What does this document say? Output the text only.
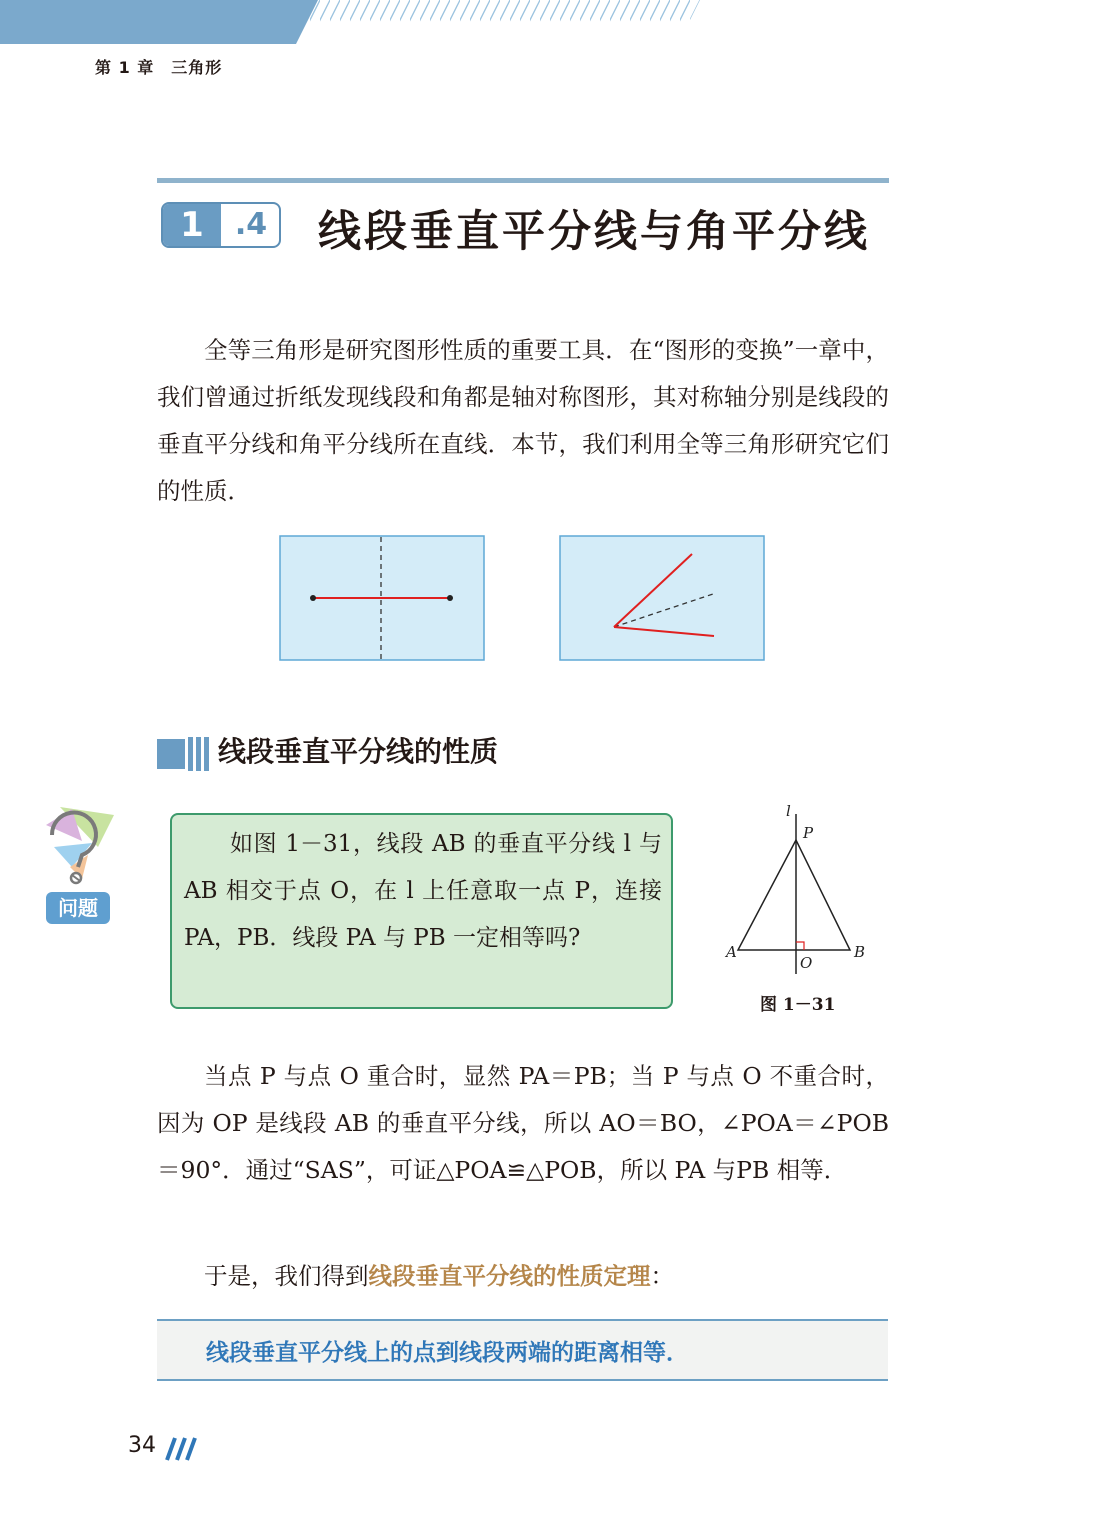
第 1 章　三角形
1	.4 线段垂直平分线与角平分线

全等三角形是研究图形性质的重要工具．在“图形的变换”一章中，我们曾通过折纸发现线段和角都是轴对称图形，其对称轴分别是线段的垂直平分线和角平分线所在直线．本节，我们利用全等三角形研究它们的性质．

线段垂直平分线的性质
问题

如图 1－31，线段 AB 的垂直平分线 l 与AB 相交于点 O，在 l 上任意取一点 P，连接 PA，PB．线段 PA 与 PB 一定相等吗?

l
P
A	B
O
图 1－31

当点 P 与点 O 重合时，显然 PA＝PB；当 P 与点 O 不重合时，因为 OP 是线段 AB 的垂直平分线，所以 AO＝BO，∠POA＝∠POB＝90°．通过“SAS”，可证△POA≌△POB，所以 PA 与PB 相等．

于是，我们得到线段垂直平分线的性质定理：

线段垂直平分线上的点到线段两端的距离相等．
34
